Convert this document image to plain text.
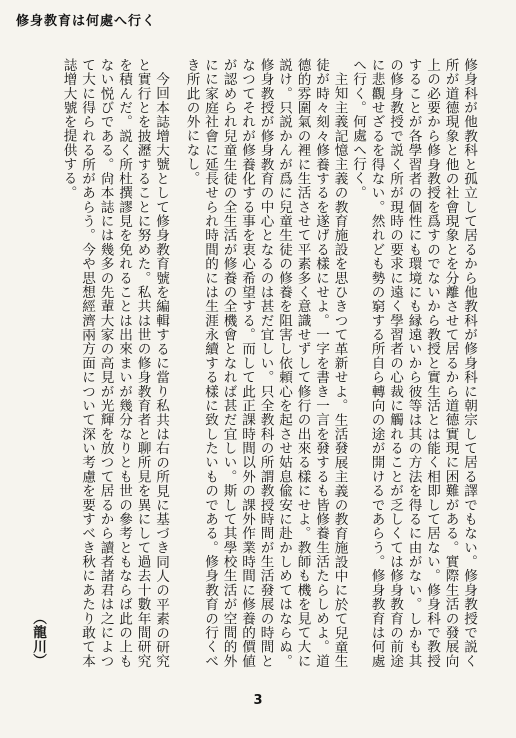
修身教育は何處へ行く

修身科が他教科と孤立して居るから他教科が修身科に朝宗して居る譯でもない。修身教授で説く所が道德現象と他の社會現象とを分離させて居るから道德實現に困難がある。實際生活の發展向上の必要から修身教授を爲すのでないから教授と實生活とは能く相即して居ない。修身科で教授することが各學習者の個性にも環境にも縁遠いから彼等は其の方法を得るに由がない。しかも其の修身教授で説く所が現時の要求に遠く學習者の心裁に觸れることが乏しくては修身教育の前途に悲觀せざるを得ない。然れども勢の窮する所自ら轉向の途が開けるであらう。修身教育は何處へ行く。何處へ行く。

主知主義記憶主義の教育施設を思ひきつて革新せよ。生活發展主義の教育施設中に於て兒童生徒が時々刻々修養するを遂げる樣にせよ。一字を書き一言を發するも皆修養生活たらしめよ。道德的雰圍氣の裡に生活させて平素多く意識せずして修行の出來る樣にせよ。教師も機を見て大に説け。只説かんが爲に兒童生徒の修養を阻害し依頼心を起させ姑息偸安に赴かしめてはならぬ。修身教授が修身教育の中心となるのは甚だ宜しい。只全教科の所謂教授時間が生活發展の時間となつてそれが修養化する事を衷心希望する。而して此正課時間以外の課外作業時間に修養的價値が認められ兒童生徒の全生活が修養の全機會となれば甚だ宜しい。斯して其學校生活が空間的外にに家庭社會に延長せられ時間的には生涯永續する樣に致したいものである。修身教育の行くべき所此の外になし。

今回本誌增大號として修身教育號を編輯するに當り私共は右の所見に基づき同人の平素の研究と實行とを披瀝することに努めた。私共は世の修身教育者と聊所見を異にして過去十數年間研究を積んだ。説く所杜撰謬見を免れることは出來まいが幾分なりとも世の參考ともならば此の上もない悦びである。尙本誌には幾多の先輩大家の高見が光輝を放つて居るから讀者諸君は之によつて大に得られる所があらう。今や思想經濟兩方面について深い考慮を要すべき秋にあたり敢て本誌增大號を提供する。

（龍川）

3
